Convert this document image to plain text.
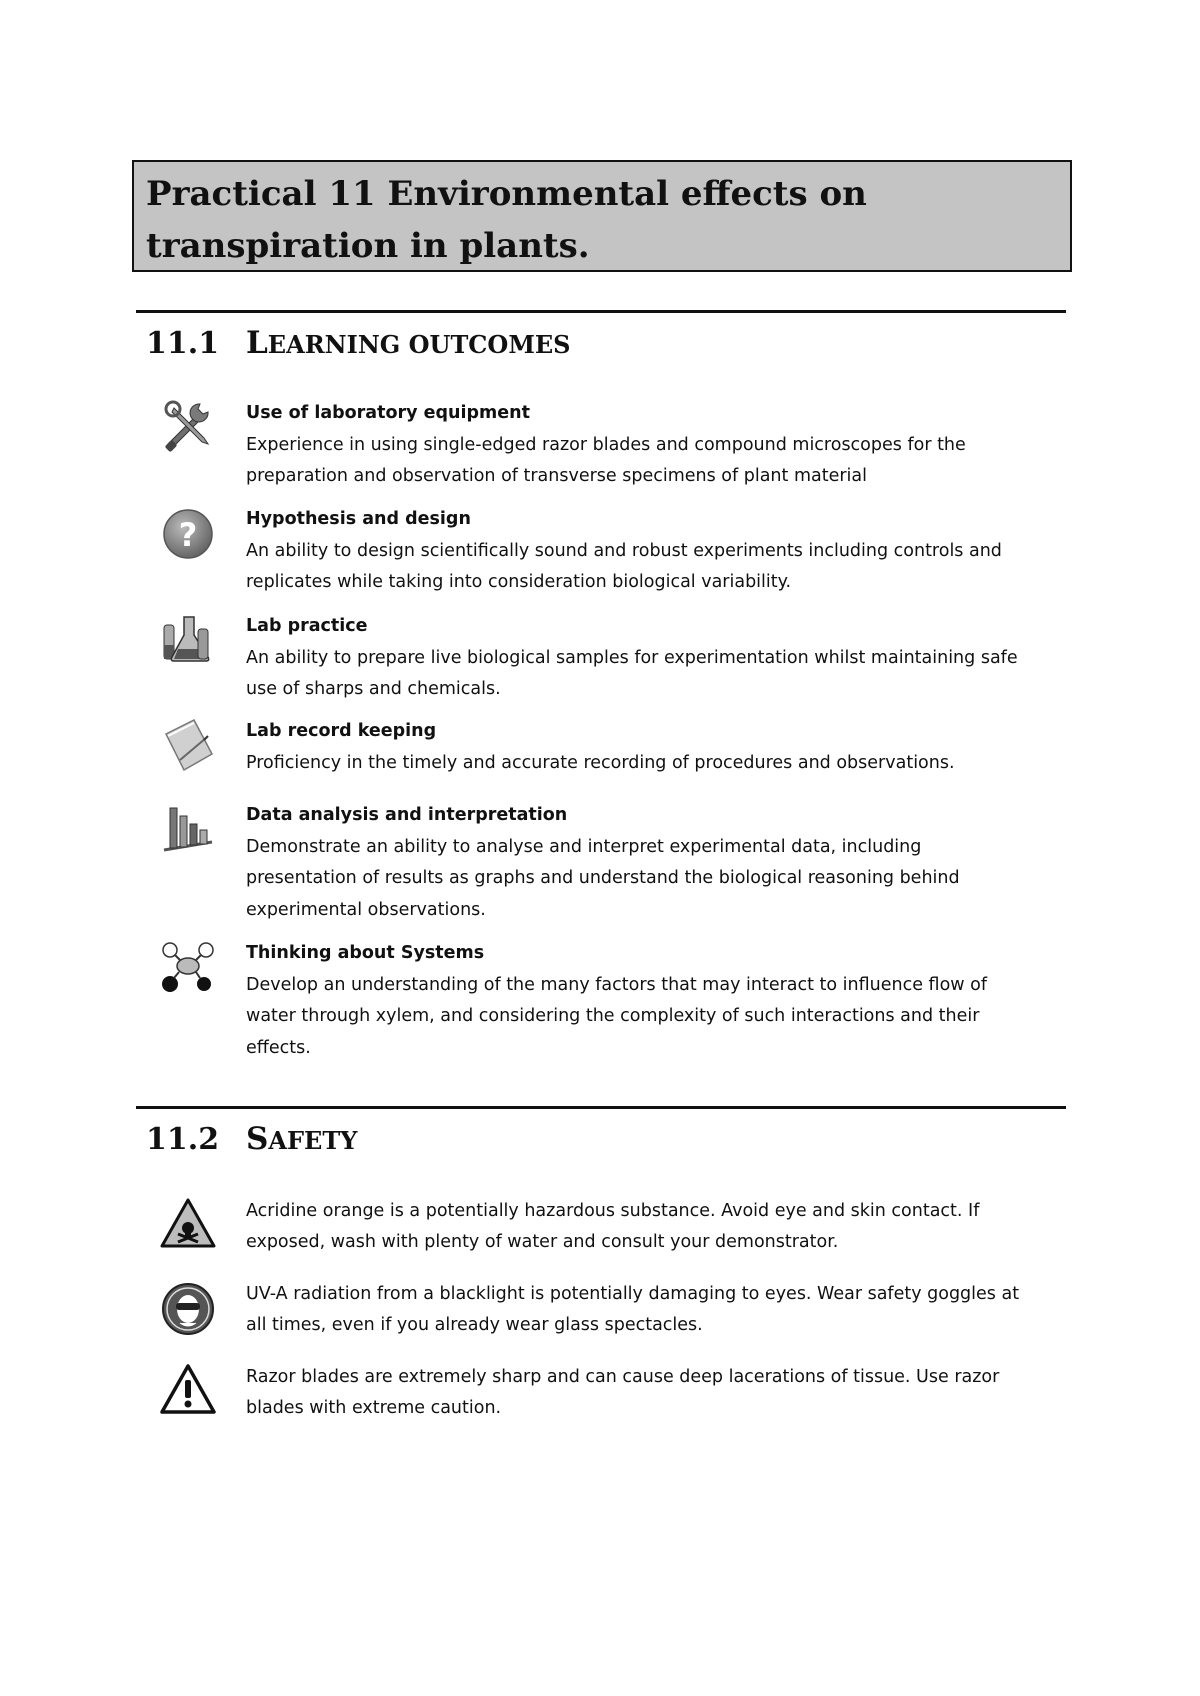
Practical 11 Environmental effects on
transpiration in plants.
11.1 LEARNING OUTCOMES
Use of laboratory equipment
Experience in using single-edged razor blades and compound microscopes for the
preparation and observation of transverse specimens of plant material
?	Hypothesis and design
An ability to design scientifically sound and robust experiments including controls and
replicates while taking into consideration biological variability.
Lab practice
An ability to prepare live biological samples for experimentation whilst maintaining safe
use of sharps and chemicals.
Lab record keeping
Proficiency in the timely and accurate recording of procedures and observations.
Data analysis and interpretation
Demonstrate an ability to analyse and interpret experimental data, including
presentation of results as graphs and understand the biological reasoning behind
experimental observations.
Thinking about Systems
Develop an understanding of the many factors that may interact to influence flow of
water through xylem, and considering the complexity of such interactions and their
effects.
11.2 SAFETY
Acridine orange is a potentially hazardous substance. Avoid eye and skin contact. If
exposed, wash with plenty of water and consult your demonstrator.
UV-A radiation from a blacklight is potentially damaging to eyes. Wear safety goggles at
all times, even if you already wear glass spectacles.
Razor blades are extremely sharp and can cause deep lacerations of tissue. Use razor
blades with extreme caution.
